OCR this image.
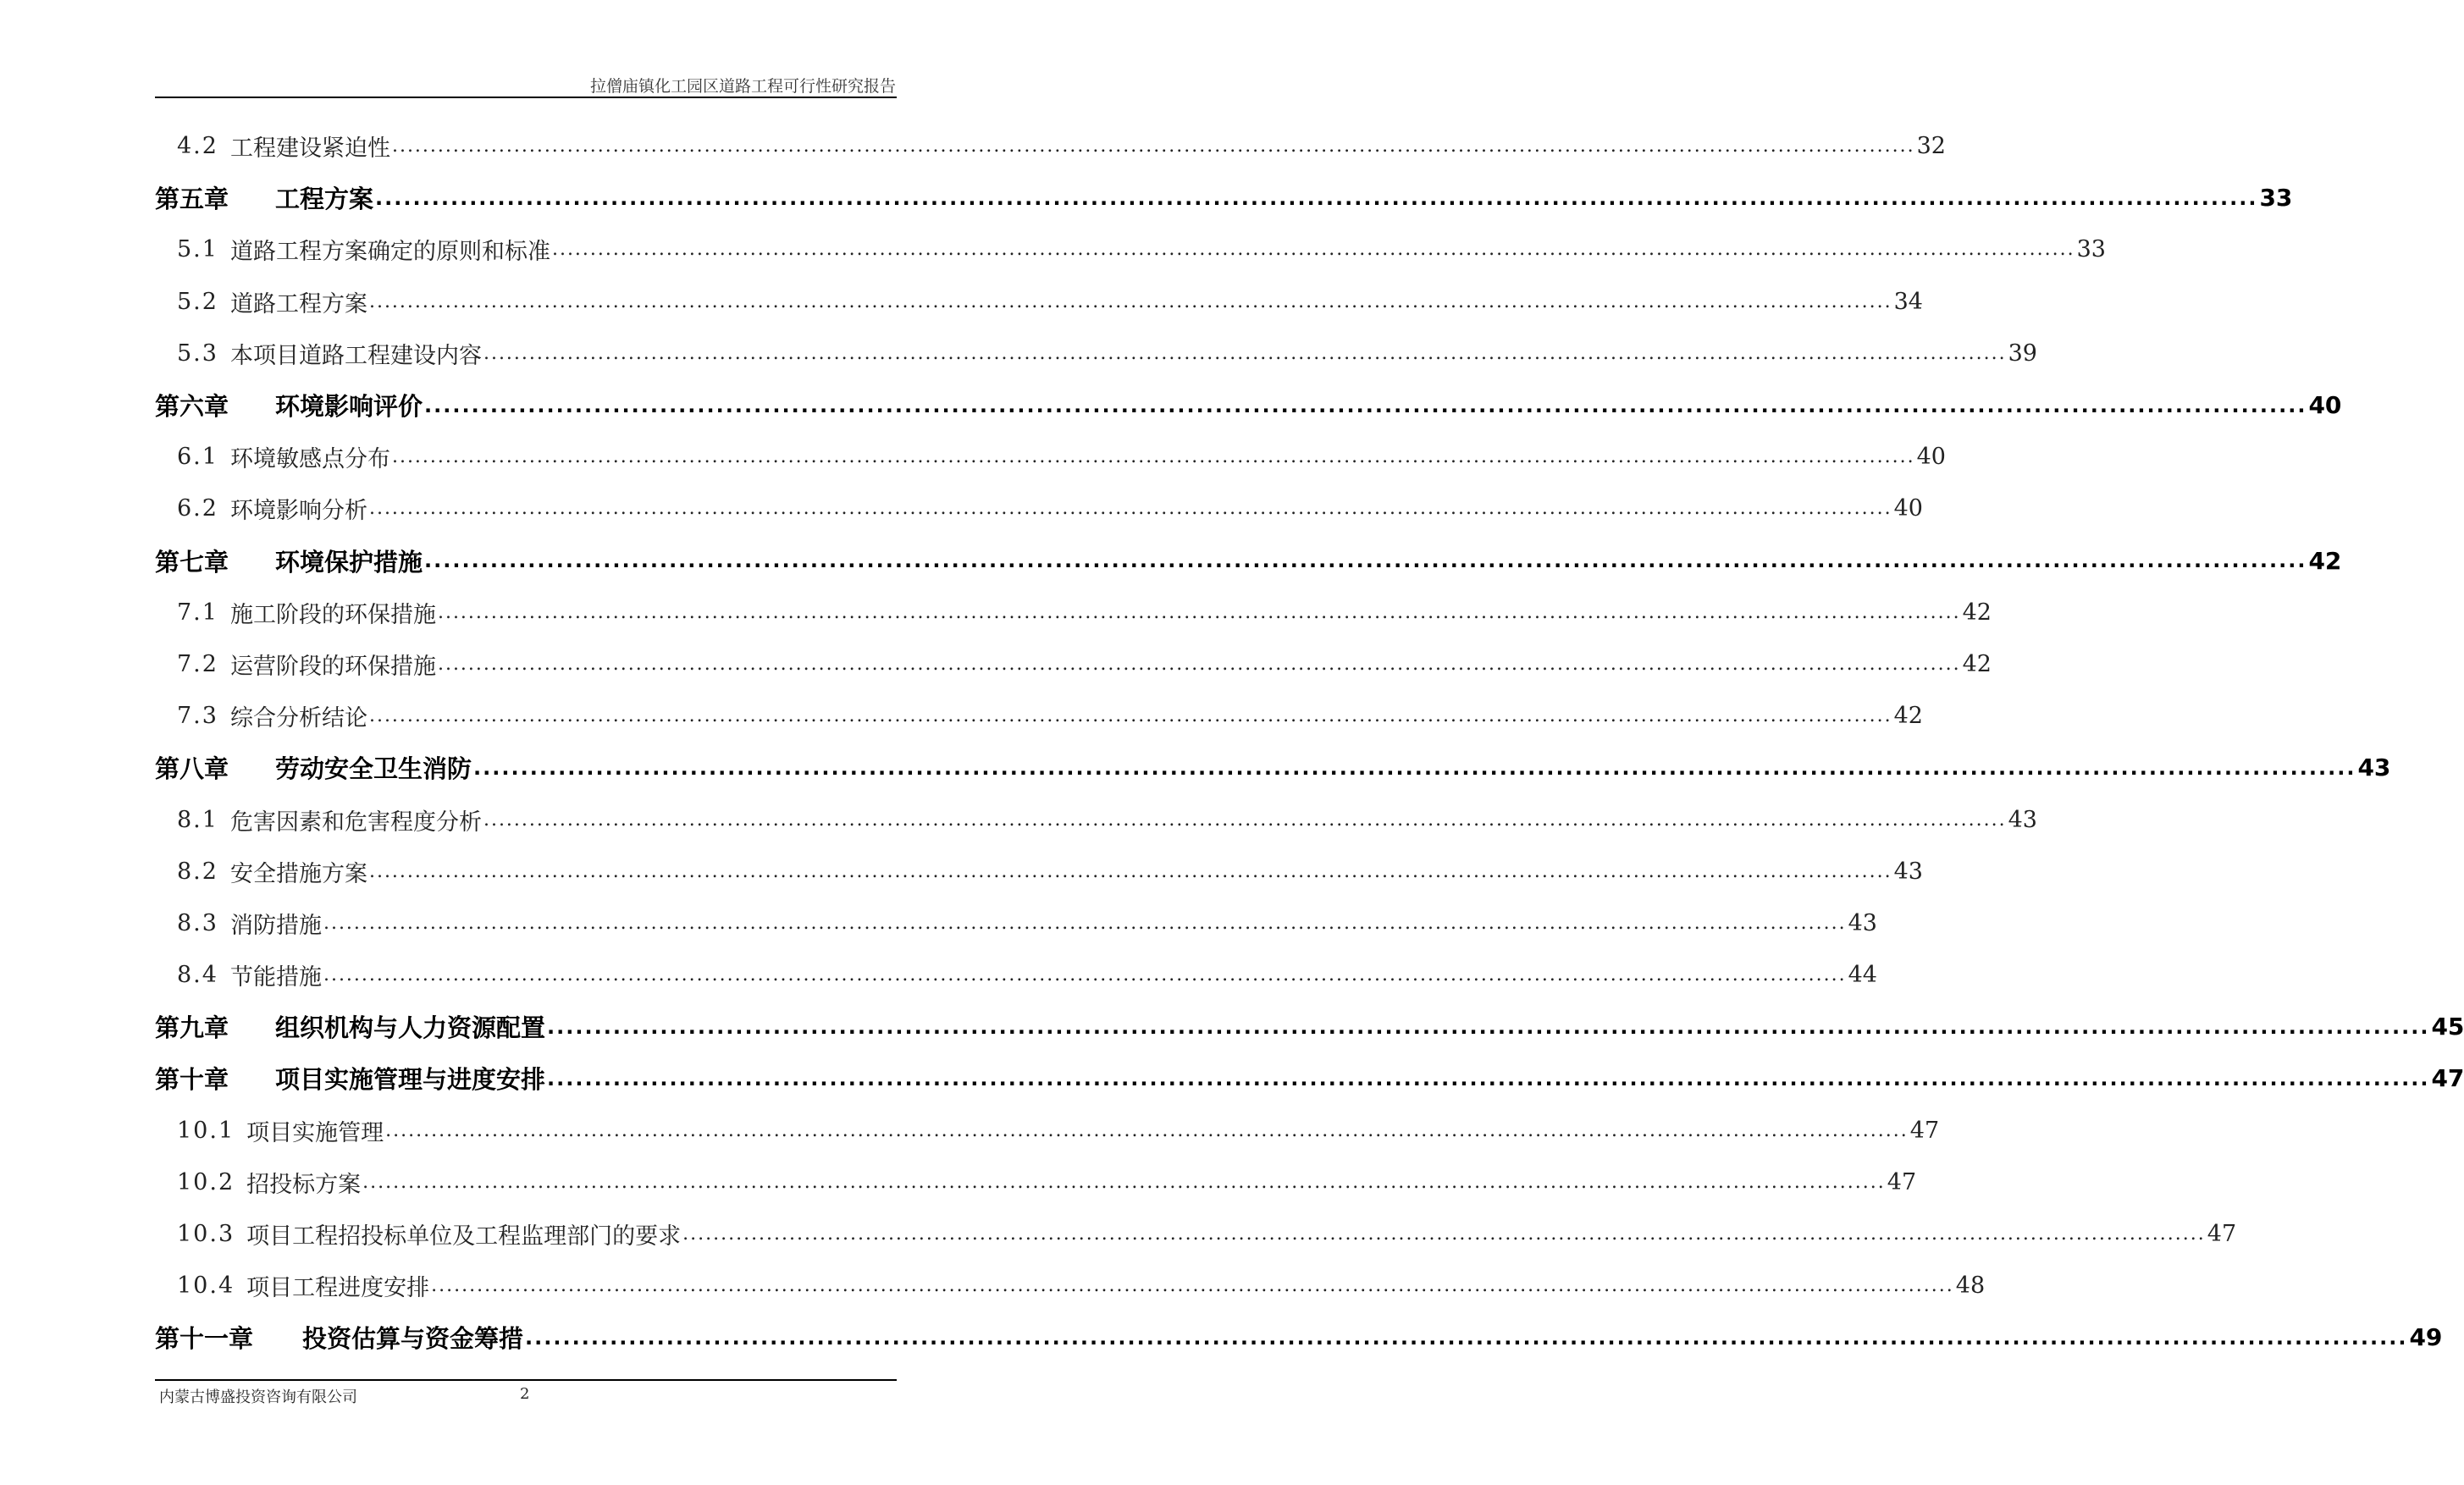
拉僧庙镇化工园区道路工程可行性研究报告
4.2 工程建设紧迫性 ........................................................................................................................................................................................................ 32
第五章	工程方案 ........................................................................................................................................................................................................ 33
5.1 道路工程方案确定的原则和标准 ........................................................................................................................................................................................................ 33
5.2 道路工程方案 ........................................................................................................................................................................................................ 34
5.3 本项目道路工程建设内容 ........................................................................................................................................................................................................ 39
第六章	环境影响评价 ........................................................................................................................................................................................................ 40
6.1 环境敏感点分布 ........................................................................................................................................................................................................ 40
6.2 环境影响分析 ........................................................................................................................................................................................................ 40
第七章	环境保护措施 ........................................................................................................................................................................................................ 42
7.1 施工阶段的环保措施 ........................................................................................................................................................................................................ 42
7.2 运营阶段的环保措施 ........................................................................................................................................................................................................ 42
7.3 综合分析结论 ........................................................................................................................................................................................................ 42
第八章	劳动安全卫生消防 ........................................................................................................................................................................................................ 43
8.1 危害因素和危害程度分析 ........................................................................................................................................................................................................ 43
8.2 安全措施方案 ........................................................................................................................................................................................................ 43
8.3 消防措施 ........................................................................................................................................................................................................ 43
8.4 节能措施 ........................................................................................................................................................................................................ 44
第九章	组织机构与人力资源配置 ........................................................................................................................................................................................................ 45
第十章	项目实施管理与进度安排 ........................................................................................................................................................................................................ 47
10.1 项目实施管理 ........................................................................................................................................................................................................ 47
10.2 招投标方案 ........................................................................................................................................................................................................ 47
10.3 项目工程招投标单位及工程监理部门的要求 ........................................................................................................................................................................................................ 47
10.4 项目工程进度安排 ........................................................................................................................................................................................................ 48
第十一章	投资估算与资金筹措 ........................................................................................................................................................................................................ 49
内蒙古博盛投资咨询有限公司	2
